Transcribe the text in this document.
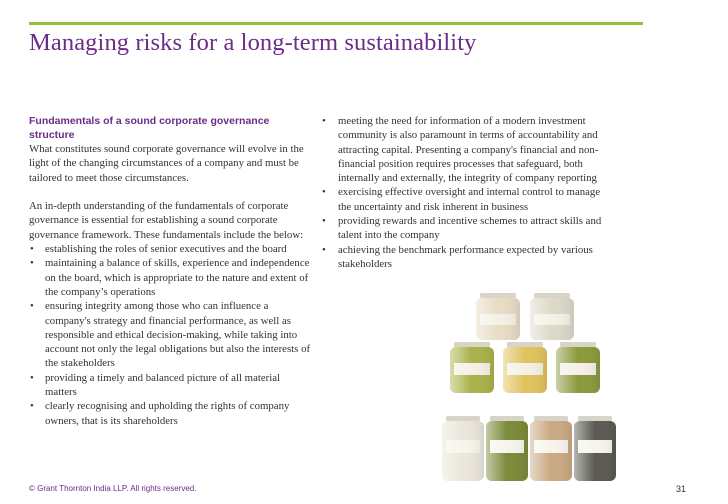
Managing risks for a long-term sustainability
Fundamentals of a sound corporate governance structure

What constitutes sound corporate governance will evolve in the light of the changing circumstances of a company and must be tailored to meet those circumstances.

An in-depth understanding of the fundamentals of corporate governance is essential for establishing a sound corporate governance framework. These fundamentals include the below:

• establishing the roles of senior executives and the board
• maintaining a balance of skills, experience and independence on the board, which is appropriate to the nature and extent of the company’s operations
• ensuring integrity among those who can influence a company's strategy and financial performance, as well as responsible and ethical decision-making, while taking into account not only the legal obligations but also the interests of the stakeholders
• providing a timely and balanced picture of all material matters
• clearly recognising and upholding the rights of company owners, that is its shareholders
• meeting the need for information of a modern investment community is also paramount in terms of accountability and attracting capital. Presenting a company's financial and non-financial position requires processes that safeguard, both internally and externally, the integrity of company reporting
• exercising effective oversight and internal control to manage the uncertainty and risk inherent in business
• providing rewards and incentive schemes to attract skills and talent into the company
• achieving the benchmark performance expected by various stakeholders
© Grant Thornton India LLP. All rights reserved.	31
